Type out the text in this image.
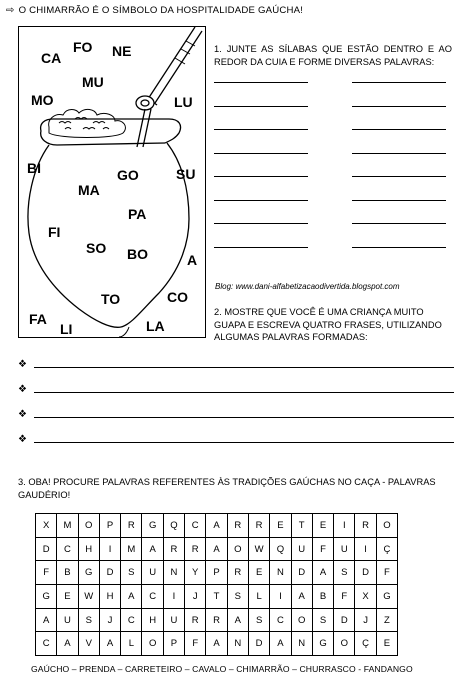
⇨ O CHIMARRÃO É O SÍMBOLO DA HOSPITALIDADE GAÚCHA!
CA
FO NE
MU
MO	LU
BI	GO	SU
MA
PA
FI
SO BO	A
TO	CO
FA
LI	LA
1. JUNTE AS SÍLABAS QUE ESTÃO DENTRO E AO REDOR DA CUIA E FORME DIVERSAS PALAVRAS:
Blog: www.dani-alfabetizacaodivertida.blogspot.com
2. MOSTRE QUE VOCÊ É UMA CRIANÇA MUITO GUAPA E ESCREVA QUATRO FRASES, UTILIZANDO ALGUMAS PALAVRAS FORMADAS:
❖
❖
❖
❖
3. OBA! PROCURE PALAVRAS REFERENTES ÀS TRADIÇÕES GAÚCHAS NO CAÇA - PALAVRAS GAUDÉRIO!
X	M	O	P	R	G	Q	C	A	R	R	E	T	E	I	R	O
D	C	H	I	M	A	R	R	A	O	W	Q	U	F	U	I	Ç
F	B	G	D	S	U	N	Y	P	R	E	N	D	A	S	D	F
G	E	W	H	A	C	I	J	T	S	L	I	A	B	F	X	G
A	U	S	J	C	H	U	R	R	A	S	C	O	S	D	J	Z
C	A	V	A	L	O	P	F	A	N	D	A	N	G	O	Ç	E
GAÚCHO – PRENDA – CARRETEIRO – CAVALO – CHIMARRÃO – CHURRASCO - FANDANGO
